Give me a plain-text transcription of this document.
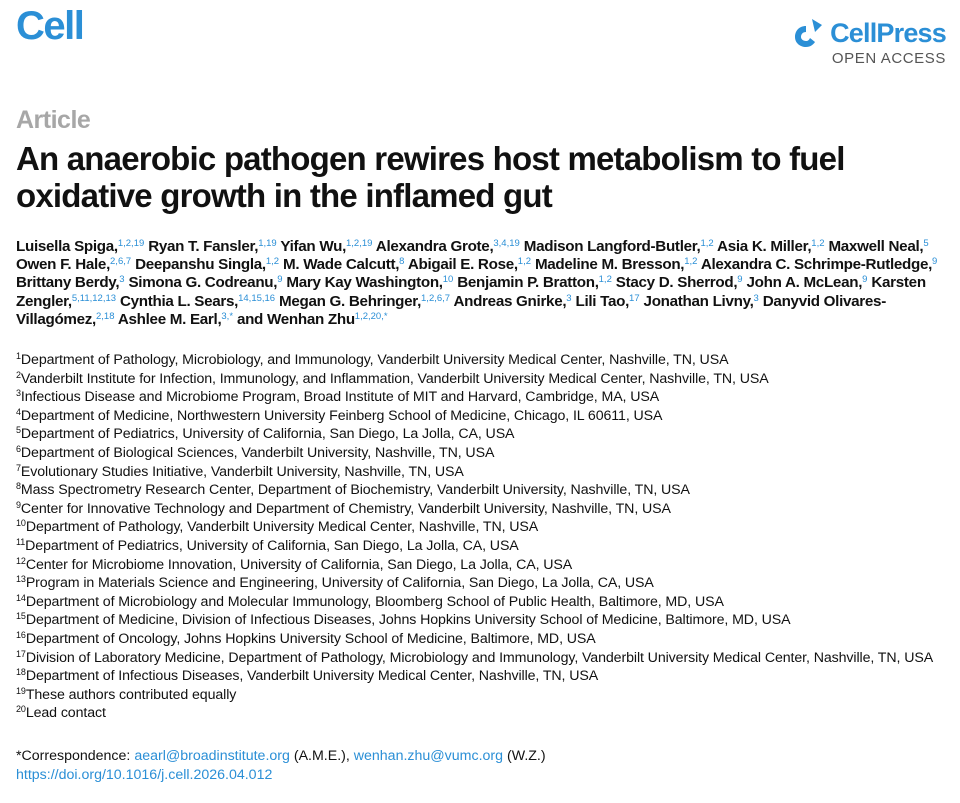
Cell	CellPress
OPEN ACCESS
Article
An anaerobic pathogen rewires host metabolism to fuel oxidative growth in the inflamed gut

Luisella Spiga,$^{1,2,19}$ Ryan T. Fansler,$^{1,19}$ Yifan Wu,$^{1,2,19}$ Alexandra Grote,$^{3,4,19}$ Madison Langford-Butler,$^{1,2}$ Asia K. Miller,$^{1,2}$ Maxwell Neal,$^5$ Owen F. Hale,$^{2,6,7}$ Deepanshu Singla,$^{1,2}$ M. Wade Calcutt,$^8$ Abigail E. Rose,$^{1,2}$ Madeline M. Bresson,$^{1,2}$ Alexandra C. Schrimpe-Rutledge,$^9$ Brittany Berdy,$^3$ Simona G. Codreanu,$^9$ Mary Kay Washington,$^{10}$ Benjamin P. Bratton,$^{1,2}$ Stacy D. Sherrod,$^9$ John A. McLean,$^9$ Karsten Zengler,$^{5,11,12,13}$ Cynthia L. Sears,$^{14,15,16}$ Megan G. Behringer,$^{1,2,6,7}$ Andreas Gnirke,$^3$ Lili Tao,$^{17}$ Jonathan Livny,$^3$ Danyvid Olivares-Villagómez,$^{2,18}$ Ashlee M. Earl,$^{3,*}$ and Wenhan Zhu$^{1,2,20,*}$

$^1$Department of Pathology, Microbiology, and Immunology, Vanderbilt University Medical Center, Nashville, TN, USA
$^2$Vanderbilt Institute for Infection, Immunology, and Inflammation, Vanderbilt University Medical Center, Nashville, TN, USA
$^3$Infectious Disease and Microbiome Program, Broad Institute of MIT and Harvard, Cambridge, MA, USA
$^4$Department of Medicine, Northwestern University Feinberg School of Medicine, Chicago, IL 60611, USA
$^5$Department of Pediatrics, University of California, San Diego, La Jolla, CA, USA
$^6$Department of Biological Sciences, Vanderbilt University, Nashville, TN, USA
$^7$Evolutionary Studies Initiative, Vanderbilt University, Nashville, TN, USA
$^8$Mass Spectrometry Research Center, Department of Biochemistry, Vanderbilt University, Nashville, TN, USA
$^9$Center for Innovative Technology and Department of Chemistry, Vanderbilt University, Nashville, TN, USA
$^{10}$Department of Pathology, Vanderbilt University Medical Center, Nashville, TN, USA
$^{11}$Department of Pediatrics, University of California, San Diego, La Jolla, CA, USA
$^{12}$Center for Microbiome Innovation, University of California, San Diego, La Jolla, CA, USA
$^{13}$Program in Materials Science and Engineering, University of California, San Diego, La Jolla, CA, USA
$^{14}$Department of Microbiology and Molecular Immunology, Bloomberg School of Public Health, Baltimore, MD, USA
$^{15}$Department of Medicine, Division of Infectious Diseases, Johns Hopkins University School of Medicine, Baltimore, MD, USA
$^{16}$Department of Oncology, Johns Hopkins University School of Medicine, Baltimore, MD, USA
$^{17}$Division of Laboratory Medicine, Department of Pathology, Microbiology and Immunology, Vanderbilt University Medical Center, Nashville, TN, USA
$^{18}$Department of Infectious Diseases, Vanderbilt University Medical Center, Nashville, TN, USA
$^{19}$These authors contributed equally
$^{20}$Lead contact
*Correspondence: aearl@broadinstitute.org (A.M.E.), wenhan.zhu@vumc.org (W.Z.)
https://doi.org/10.1016/j.cell.2026.04.012
